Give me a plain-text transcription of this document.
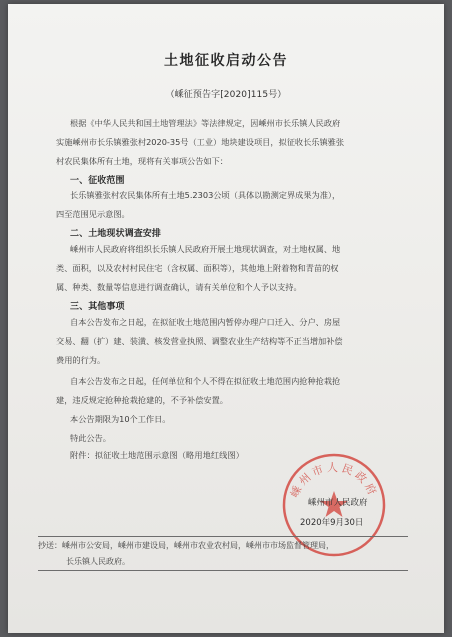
土地征收启动公告
（嵊征预告字[2020]115号）
根据《中华人民共和国土地管理法》等法律规定，因嵊州市长乐镇人民政府
实施嵊州市长乐镇雅张村2020-35号（工业）地块建设项目，拟征收长乐镇雅张
村农民集体所有土地，现将有关事项公告如下：
一、征收范围
长乐镇雅张村农民集体所有土地5.2303公顷（具体以勘测定界成果为准），
四至范围见示意图。
二、土地现状调查安排
嵊州市人民政府将组织长乐镇人民政府开展土地现状调查，对土地权属、地
类、面积，以及农村村民住宅（含权属、面积等），其他地上附着物和青苗的权
属、种类、数量等信息进行调查确认，请有关单位和个人予以支持。
三、其他事项
自本公告发布之日起，在拟征收土地范围内暂停办理户口迁入、分户、房屋
交易、翻（扩）建、装潢、核发营业执照、调整农业生产结构等不正当增加补偿
费用的行为。
自本公告发布之日起，任何单位和个人不得在拟征收土地范围内抢种抢栽抢
建，违反规定抢种抢栽抢建的，不予补偿安置。
本公告期限为10个工作日。
特此公告。
附件：拟征收土地范围示意图（略用地红线图）
嵊州市人民政府
嵊州市人民政府
2020年9月30日
抄送：嵊州市公安局，嵊州市建设局，嵊州市农业农村局，嵊州市市场监督管理局，
长乐镇人民政府。
